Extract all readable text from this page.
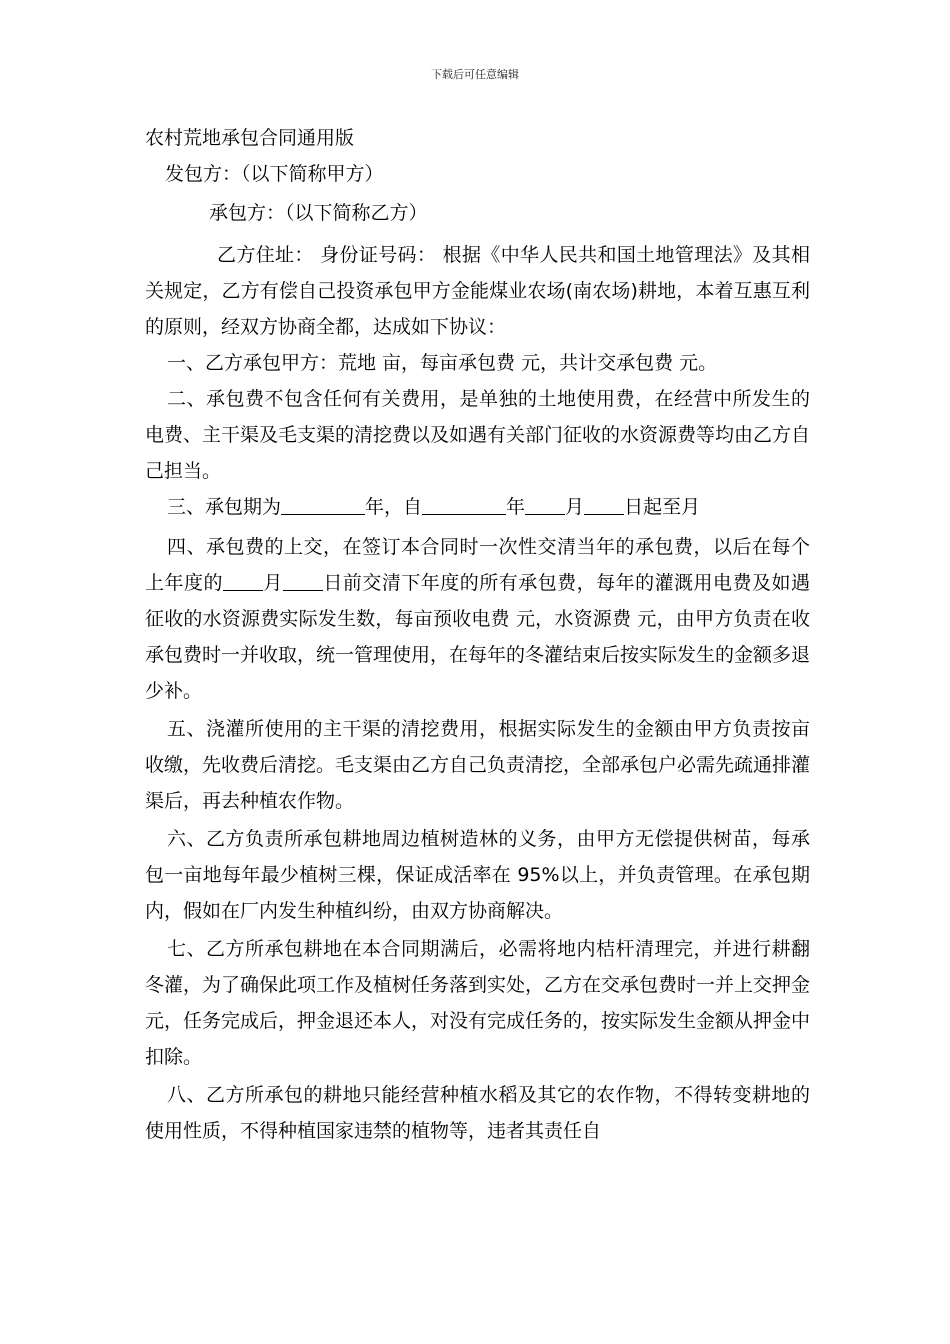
下载后可任意编辑

农村荒地承包合同通用版

发包方：（以下简称甲方）

承包方：（以下简称乙方）

乙方住址： 身份证号码： 根据《中华人民共和国土地管理法》及其相关规定，乙方有偿自己投资承包甲方金能煤业农场(南农场)耕地，本着互惠互利的原则，经双方协商全都，达成如下协议：

一、乙方承包甲方：荒地 亩，每亩承包费 元，共计交承包费 元。

二、承包费不包含任何有关费用，是单独的土地使用费，在经营中所发生的电费、主干渠及毛支渠的清挖费以及如遇有关部门征收的水资源费等均由乙方自己担当。

三、承包期为	年，自	年 月 日起至月

四、承包费的上交，在签订本合同时一次性交清当年的承包费，以后在每个上年度的 月 日前交清下年度的所有承包费，每年的灌溉用电费及如遇征收的水资源费实际发生数，每亩预收电费 元，水资源费 元，由甲方负责在收承包费时一并收取，统一管理使用，在每年的冬灌结束后按实际发生的金额多退少补。

五、浇灌所使用的主干渠的清挖费用，根据实际发生的金额由甲方负责按亩收缴，先收费后清挖。毛支渠由乙方自己负责清挖，全部承包户必需先疏通排灌渠后，再去种植农作物。

六、乙方负责所承包耕地周边植树造林的义务，由甲方无偿提供树苗，每承包一亩地每年最少植树三棵，保证成活率在 95%以上，并负责管理。在承包期内，假如在厂内发生种植纠纷，由双方协商解决。

七、乙方所承包耕地在本合同期满后，必需将地内桔杆清理完，并进行耕翻冬灌，为了确保此项工作及植树任务落到实处，乙方在交承包费时一并上交押金 元，任务完成后，押金退还本人，对没有完成任务的，按实际发生金额从押金中扣除。

八、乙方所承包的耕地只能经营种植水稻及其它的农作物，不得转变耕地的使用性质，不得种植国家违禁的植物等，违者其责任自
